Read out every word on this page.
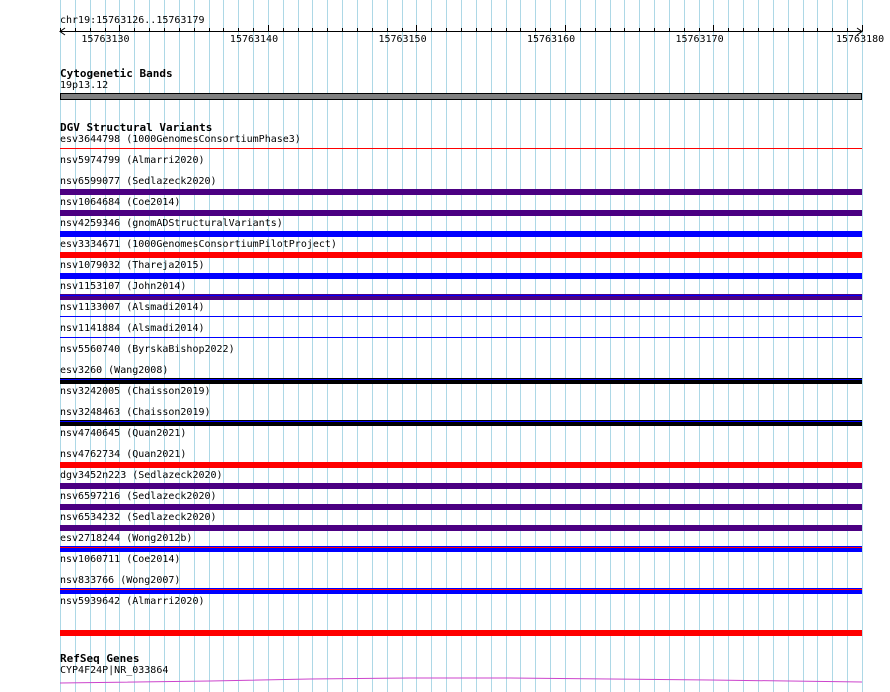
chr19:15763126..15763179
15763130	15763140	15763150	15763160	15763170	15763180
Cytogenetic Bands
19p13.12
DGV Structural Variants
esv3644798 (1000GenomesConsortiumPhase3)
nsv5974799 (Almarri2020)
nsv6599077 (Sedlazeck2020)
nsv1064684 (Coe2014)
nsv4259346 (gnomADStructuralVariants)
esv3334671 (1000GenomesConsortiumPilotProject)
nsv1079032 (Thareja2015)
nsv1153107 (John2014)
nsv1133007 (Alsmadi2014)
nsv1141884 (Alsmadi2014)
nsv5560740 (ByrskaBishop2022)
esv3260 (Wang2008)
nsv3242005 (Chaisson2019)
nsv3248463 (Chaisson2019)
nsv4740645 (Quan2021)
nsv4762734 (Quan2021)
dgv3452n223 (Sedlazeck2020)
nsv6597216 (Sedlazeck2020)
nsv6534232 (Sedlazeck2020)
esv2718244 (Wong2012b)
nsv1060711 (Coe2014)
nsv833766 (Wong2007)
nsv5939642 (Almarri2020)
RefSeq Genes
CYP4F24P|NR_033864
